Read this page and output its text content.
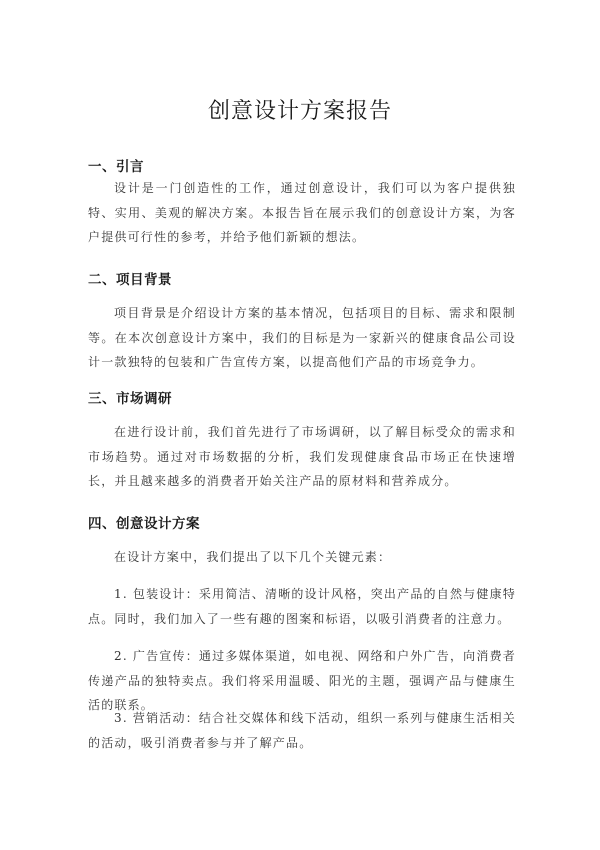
创意设计方案报告
一、引言

设计是一门创造性的工作，通过创意设计，我们可以为客户提供独特、实用、美观的解决方案。本报告旨在展示我们的创意设计方案，为客户提供可行性的参考，并给予他们新颖的想法。

二、项目背景

项目背景是介绍设计方案的基本情况，包括项目的目标、需求和限制等。在本次创意设计方案中，我们的目标是为一家新兴的健康食品公司设计一款独特的包装和广告宣传方案，以提高他们产品的市场竞争力。

三、市场调研

在进行设计前，我们首先进行了市场调研，以了解目标受众的需求和市场趋势。通过对市场数据的分析，我们发现健康食品市场正在快速增长，并且越来越多的消费者开始关注产品的原材料和营养成分。

四、创意设计方案

在设计方案中，我们提出了以下几个关键元素：

1. 包装设计：采用简洁、清晰的设计风格，突出产品的自然与健康特点。同时，我们加入了一些有趣的图案和标语，以吸引消费者的注意力。

2. 广告宣传：通过多媒体渠道，如电视、网络和户外广告，向消费者传递产品的独特卖点。我们将采用温暖、阳光的主题，强调产品与健康生活的联系。

3. 营销活动：结合社交媒体和线下活动，组织一系列与健康生活相关的活动，吸引消费者参与并了解产品。
